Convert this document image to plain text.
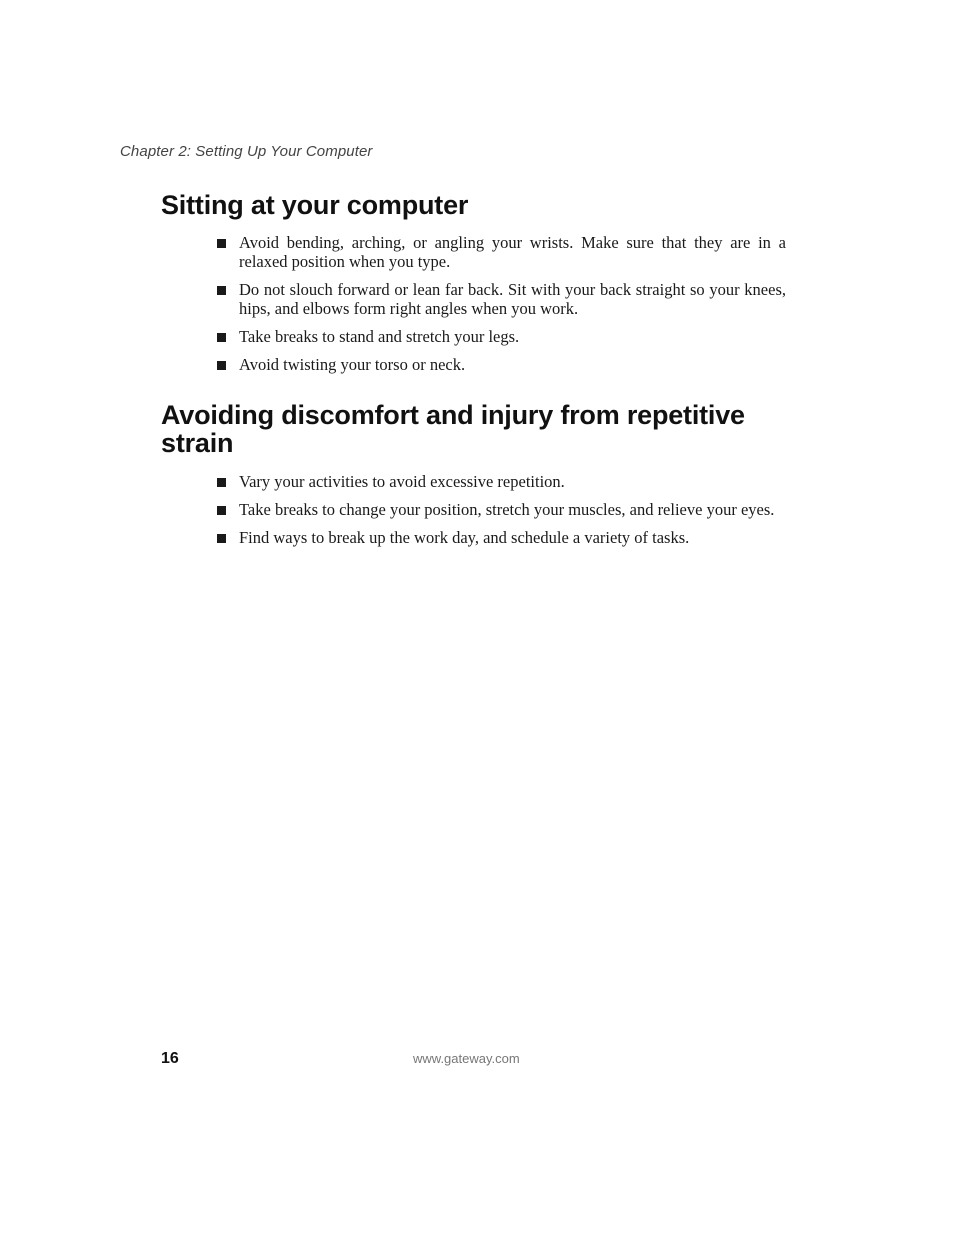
Chapter 2: Setting Up Your Computer
Sitting at your computer
Avoid bending, arching, or angling your wrists. Make sure that they are in a relaxed position when you type.
Do not slouch forward or lean far back. Sit with your back straight so your knees, hips, and elbows form right angles when you work.
Take breaks to stand and stretch your legs.
Avoid twisting your torso or neck.
Avoiding discomfort and injury from repetitive strain
Vary your activities to avoid excessive repetition.
Take breaks to change your position, stretch your muscles, and relieve your eyes.
Find ways to break up the work day, and schedule a variety of tasks.
16	www.gateway.com
